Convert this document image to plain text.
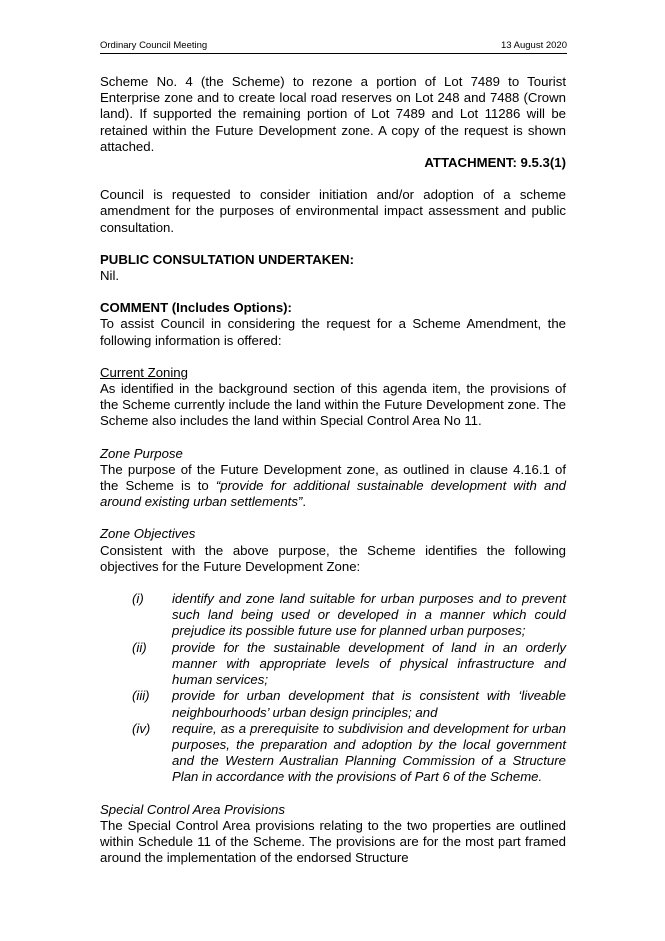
Ordinary Council Meeting	13 August 2020

Scheme No. 4 (the Scheme) to rezone a portion of Lot 7489 to Tourist Enterprise zone and to create local road reserves on Lot 248 and 7488 (Crown land). If supported the remaining portion of Lot 7489 and Lot 11286 will be retained within the Future Development zone. A copy of the request is shown attached.

ATTACHMENT: 9.5.3(1)

Council is requested to consider initiation and/or adoption of a scheme amendment for the purposes of environmental impact assessment and public consultation.

PUBLIC CONSULTATION UNDERTAKEN:

Nil.

COMMENT (Includes Options):

To assist Council in considering the request for a Scheme Amendment, the following information is offered:

Current Zoning

As identified in the background section of this agenda item, the provisions of the Scheme currently include the land within the Future Development zone. The Scheme also includes the land within Special Control Area No 11.

Zone Purpose

The purpose of the Future Development zone, as outlined in clause 4.16.1 of the Scheme is to “provide for additional sustainable development with and around existing urban settlements”.

Zone Objectives

Consistent with the above purpose, the Scheme identifies the following objectives for the Future Development Zone:

(i) identify and zone land suitable for urban purposes and to prevent such land being used or developed in a manner which could prejudice its possible future use for planned urban purposes;
(ii) provide for the sustainable development of land in an orderly manner with appropriate levels of physical infrastructure and human services;
(iii) provide for urban development that is consistent with ‘liveable neighbourhoods’ urban design principles; and
(iv) require, as a prerequisite to subdivision and development for urban purposes, the preparation and adoption by the local government and the Western Australian Planning Commission of a Structure Plan in accordance with the provisions of Part 6 of the Scheme.

Special Control Area Provisions

The Special Control Area provisions relating to the two properties are outlined within Schedule 11 of the Scheme. The provisions are for the most part framed around the implementation of the endorsed Structure
